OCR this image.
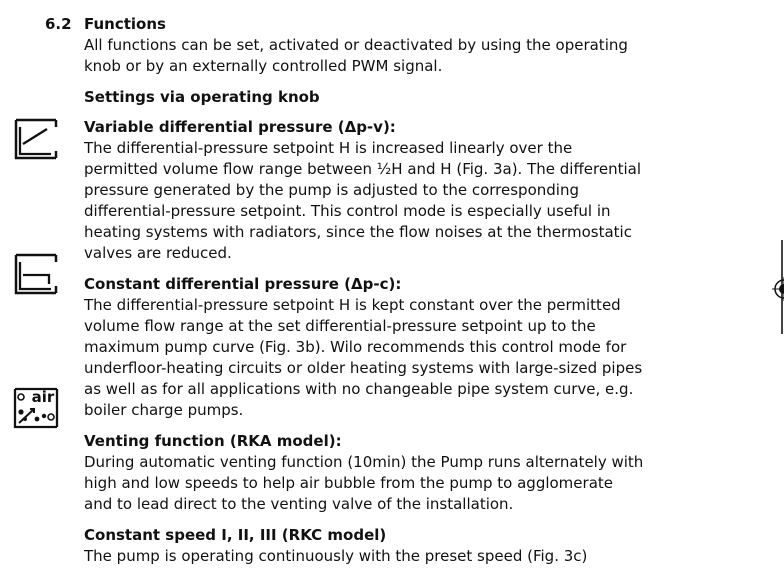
6.2
air
Functions

All functions can be set, activated or deactivated by using the operating knob or by an externally controlled PWM signal.

Settings via operating knob
Variable differential pressure (Δp-v):

The differential-pressure setpoint H is increased linearly over the permitted volume flow range between ½H and H (Fig. 3a). The differential pressure generated by the pump is adjusted to the corresponding differential-pressure setpoint. This control mode is especially useful in heating systems with radiators, since the flow noises at the thermostatic valves are reduced.

Constant differential pressure (Δp-c):

The differential-pressure setpoint H is kept constant over the permitted volume flow range at the set differential-pressure setpoint up to the maximum pump curve (Fig. 3b). Wilo recommends this control mode for underfloor-heating circuits or older heating systems with large-sized pipes as well as for all applications with no changeable pipe system curve, e.g. boiler charge pumps.

Venting function (RKA model):

During automatic venting function (10min) the Pump runs alternately with high and low speeds to help air bubble from the pump to agglomerate and to lead direct to the venting valve of the installation.

Constant speed I, II, III (RKC model)

The pump is operating continuously with the preset speed (Fig. 3c)
